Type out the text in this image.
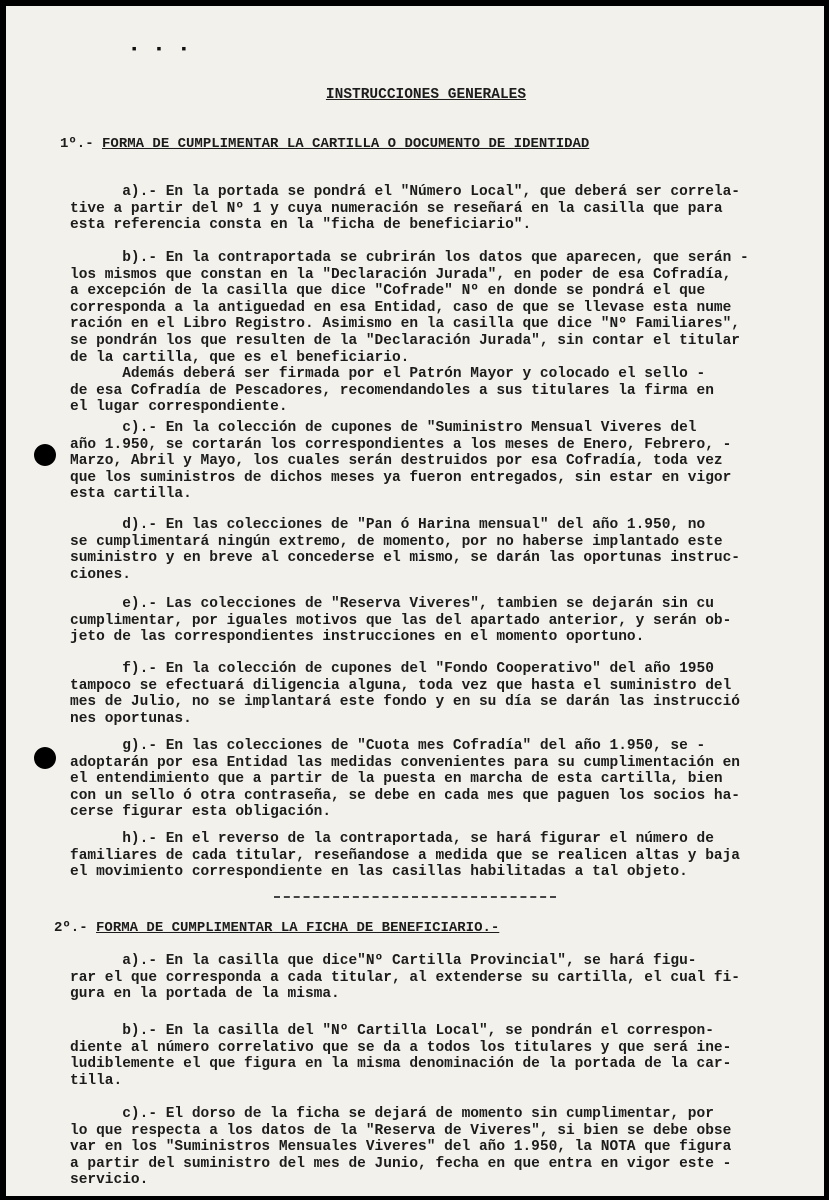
▪ ▪ ▪
INSTRUCCIONES GENERALES
1º.- FORMA DE CUMPLIMENTAR LA CARTILLA O DOCUMENTO DE IDENTIDAD
a).- En la portada se pondrá el "Número Local", que deberá ser correla-
tive a partir del Nº 1 y cuya numeración se reseñará en la casilla que para
esta referencia consta en la "ficha de beneficiario".
b).- En la contraportada se cubrirán los datos que aparecen, que serán -
los mismos que constan en la "Declaración Jurada", en poder de esa Cofradía,
a excepción de la casilla que dice "Cofrade" Nº en donde se pondrá el que
corresponda a la antiguedad en esa Entidad, caso de que se llevase esta nume
ración en el Libro Registro. Asimismo en la casilla que dice "Nº Familiares",
se pondrán los que resulten de la "Declaración Jurada", sin contar el titular
de la cartilla, que es el beneficiario.
Además deberá ser firmada por el Patrón Mayor y colocado el sello -
de esa Cofradía de Pescadores, recomendandoles a sus titulares la firma en
el lugar correspondiente.
c).- En la colección de cupones de "Suministro Mensual Viveres del
año 1.950, se cortarán los correspondientes a los meses de Enero, Febrero, -
Marzo, Abril y Mayo, los cuales serán destruidos por esa Cofradía, toda vez
que los suministros de dichos meses ya fueron entregados, sin estar en vigor
esta cartilla.
d).- En las colecciones de "Pan ó Harina mensual" del año 1.950, no
se cumplimentará ningún extremo, de momento, por no haberse implantado este
suministro y en breve al concederse el mismo, se darán las oportunas instruc-
ciones.
e).- Las colecciones de "Reserva Viveres", tambien se dejarán sin cu
cumplimentar, por iguales motivos que las del apartado anterior, y serán ob-
jeto de las correspondientes instrucciones en el momento oportuno.
f).- En la colección de cupones del "Fondo Cooperativo" del año 1950
tampoco se efectuará diligencia alguna, toda vez que hasta el suministro del
mes de Julio, no se implantará este fondo y en su día se darán las instrucció
nes oportunas.
g).- En las colecciones de "Cuota mes Cofradía" del año 1.950, se -
adoptarán por esa Entidad las medidas convenientes para su cumplimentación en
el entendimiento que a partir de la puesta en marcha de esta cartilla, bien
con un sello ó otra contraseña, se debe en cada mes que paguen los socios ha-
cerse figurar esta obligación.
h).- En el reverso de la contraportada, se hará figurar el número de
familiares de cada titular, reseñandose a medida que se realicen altas y baja
el movimiento correspondiente en las casillas habilitadas a tal objeto.
2º.- FORMA DE CUMPLIMENTAR LA FICHA DE BENEFICIARIO.-
a).- En la casilla que dice"Nº Cartilla Provincial", se hará figu-
rar el que corresponda a cada titular, al extenderse su cartilla, el cual fi-
gura en la portada de la misma.
b).- En la casilla del "Nº Cartilla Local", se pondrán el correspon-
diente al número correlativo que se da a todos los titulares y que será ine-
ludiblemente el que figura en la misma denominación de la portada de la car-
tilla.
c).- El dorso de la ficha se dejará de momento sin cumplimentar, por
lo que respecta a los datos de la "Reserva de Viveres", si bien se debe obse
var en los "Suministros Mensuales Viveres" del año 1.950, la NOTA que figura
a partir del suministro del mes de Junio, fecha en que entra en vigor este -
servicio.
